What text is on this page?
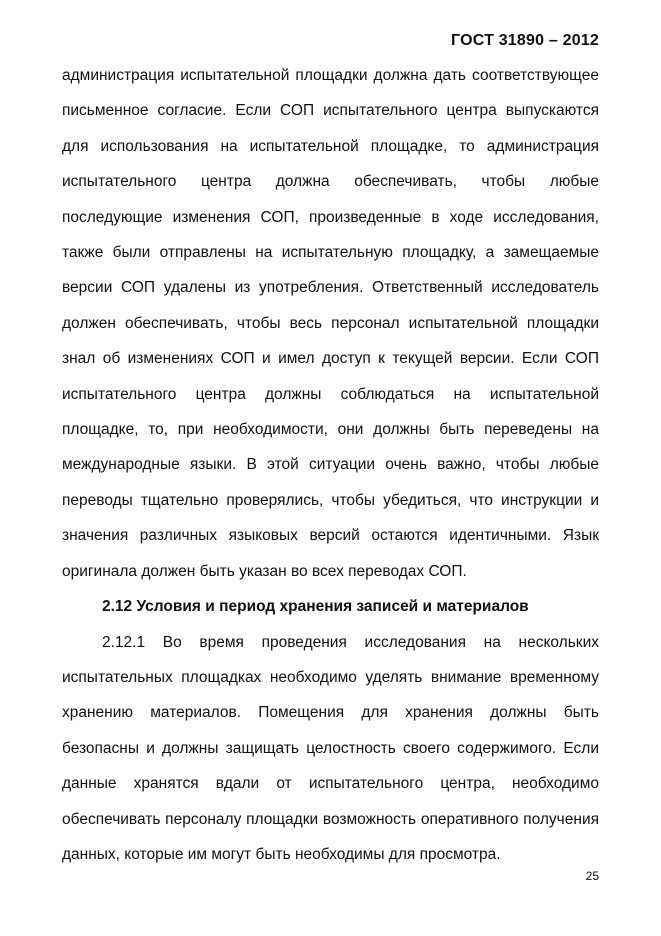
ГОСТ 31890 – 2012

администрация испытательной площадки должна дать соответствующее письменное согласие. Если СОП испытательного центра выпускаются для использования на испытательной площадке, то администрация испытательного центра должна обеспечивать, чтобы любые последующие изменения СОП, произведенные в ходе исследования, также были отправлены на испытательную площадку, а замещаемые версии СОП удалены из употребления. Ответственный исследователь должен обеспечивать, чтобы весь персонал испытательной площадки знал об изменениях СОП и имел доступ к текущей версии. Если СОП испытательного центра должны соблюдаться на испытательной площадке, то, при необходимости, они должны быть переведены на международные языки. В этой ситуации очень важно, чтобы любые переводы тщательно проверялись, чтобы убедиться, что инструкции и значения различных языковых версий остаются идентичными. Язык оригинала должен быть указан во всех переводах СОП.

2.12 Условия и период хранения записей и материалов

2.12.1 Во время проведения исследования на нескольких испытательных площадках необходимо уделять внимание временному хранению материалов. Помещения для хранения должны быть безопасны и должны защищать целостность своего содержимого. Если данные хранятся вдали от испытательного центра, необходимо обеспечивать персоналу площадки возможность оперативного получения данных, которые им могут быть необходимы для просмотра.

25
